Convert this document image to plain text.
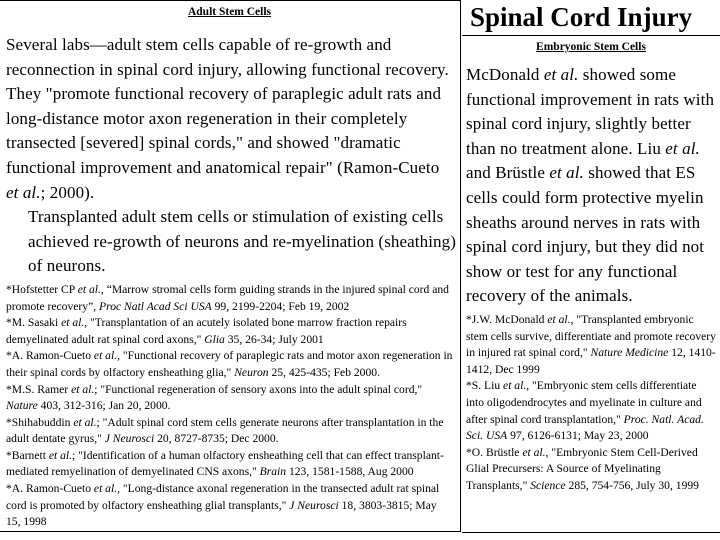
Adult Stem Cells
Several labs—adult stem cells capable of re-growth and reconnection in spinal cord injury, allowing functional recovery. They "promote functional recovery of paraplegic adult rats and long-distance motor axon regeneration in their completely transected [severed] spinal cords," and showed "dramatic functional improvement and anatomical repair" (Ramon-Cueto et al.; 2000).
Transplanted adult stem cells or stimulation of existing cells achieved re-growth of neurons and re-myelination (sheathing) of neurons.
*Hofstetter CP et al., “Marrow stromal cells form guiding strands in the injured spinal cord and promote recovery”, Proc Natl Acad Sci USA 99, 2199-2204; Feb 19, 2002
*M. Sasaki et al., "Transplantation of an acutely isolated bone marrow fraction repairs demyelinated adult rat spinal cord axons," Glia 35, 26-34; July 2001
*A. Ramon-Cueto et al., "Functional recovery of paraplegic rats and motor axon regeneration in their spinal cords by olfactory ensheathing glia," Neuron 25, 425-435; Feb 2000.
*M.S. Ramer et al.; "Functional regeneration of sensory axons into the adult spinal cord," Nature 403, 312-316; Jan 20, 2000.
*Shihabuddin et al.; "Adult spinal cord stem cells generate neurons after transplantation in the adult dentate gyrus," J Neurosci 20, 8727-8735; Dec 2000.
*Barnett et al.; "Identification of a human olfactory ensheathing cell that can effect transplant-mediated remyelination of demyelinated CNS axons," Brain 123, 1581-1588, Aug 2000
*A. Ramon-Cueto et al., "Long-distance axonal regeneration in the transected adult rat spinal cord is promoted by olfactory ensheathing glial transplants," J Neurosci 18, 3803-3815; May 15, 1998
Spinal Cord Injury
Embryonic Stem Cells
McDonald et al. showed some functional improvement in rats with spinal cord injury, slightly better than no treatment alone. Liu et al. and Brüstle et al. showed that ES cells could form protective myelin sheaths around nerves in rats with spinal cord injury, but they did not show or test for any functional recovery of the animals.
*J.W. McDonald et al., "Transplanted embryonic stem cells survive, differentiate and promote recovery in injured rat spinal cord," Nature Medicine 12, 1410-1412, Dec 1999
*S. Liu et al., "Embryonic stem cells differentiate into oligodendrocytes and myelinate in culture and after spinal cord transplantation," Proc. Natl. Acad. Sci. USA 97, 6126-6131; May 23, 2000
*O. Brüstle et al., "Embryonic Stem Cell-Derived Glial Precursers: A Source of Myelinating Transplants," Science 285, 754-756, July 30, 1999
